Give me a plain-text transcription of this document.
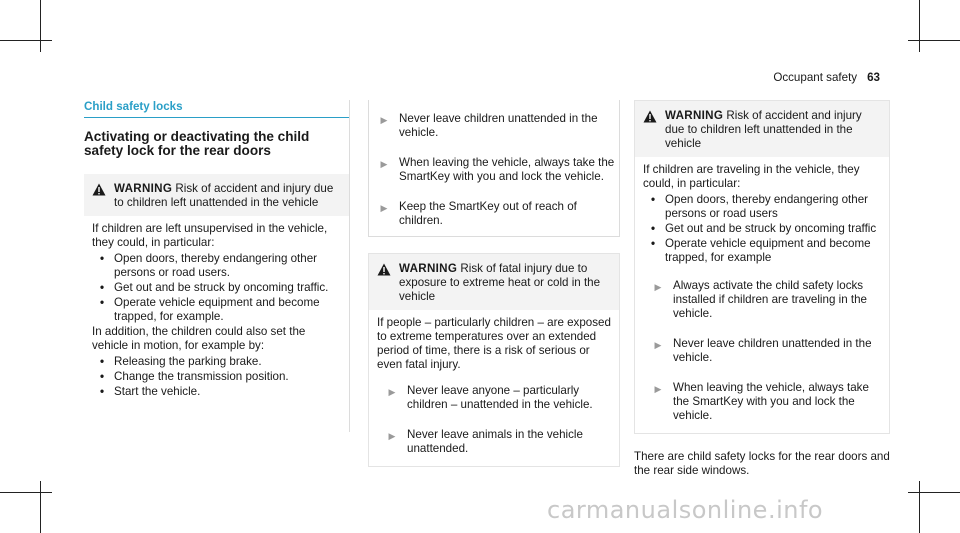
Occupant safety 63
Child safety locks
Activating or deactivating the child safety lock for the rear doors
WARNING Risk of accident and injury due to children left unattended in the vehicle

If children are left unsupervised in the vehicle, they could, in particular:

• Open doors, thereby endangering other persons or road users.
• Get out and be struck by oncoming traffic.
• Operate vehicle equipment and become trapped, for example.

In addition, the children could also set the vehicle in motion, for example by:

• Releasing the parking brake.
• Change the transmission position.
• Start the vehicle.
▶ Never leave children unattended in the vehicle.
▶ When leaving the vehicle, always take the SmartKey with you and lock the vehicle.
▶ Keep the SmartKey out of reach of children.
WARNING Risk of fatal injury due to exposure to extreme heat or cold in the vehicle

If people – particularly children – are exposed to extreme temperatures over an extended period of time, there is a risk of serious or even fatal injury.

▶ Never leave anyone – particularly children – unattended in the vehicle.
▶ Never leave animals in the vehicle unattended.
WARNING Risk of accident and injury due to children left unattended in the vehicle

If children are traveling in the vehicle, they could, in particular:

• Open doors, thereby endangering other persons or road users
• Get out and be struck by oncoming traffic
• Operate vehicle equipment and become trapped, for example
▶ Always activate the child safety locks installed if children are traveling in the vehicle.
▶ Never leave children unattended in the vehicle.
▶ When leaving the vehicle, always take the SmartKey with you and lock the vehicle.

There are child safety locks for the rear doors and the rear side windows.

carmanualsonline.info
